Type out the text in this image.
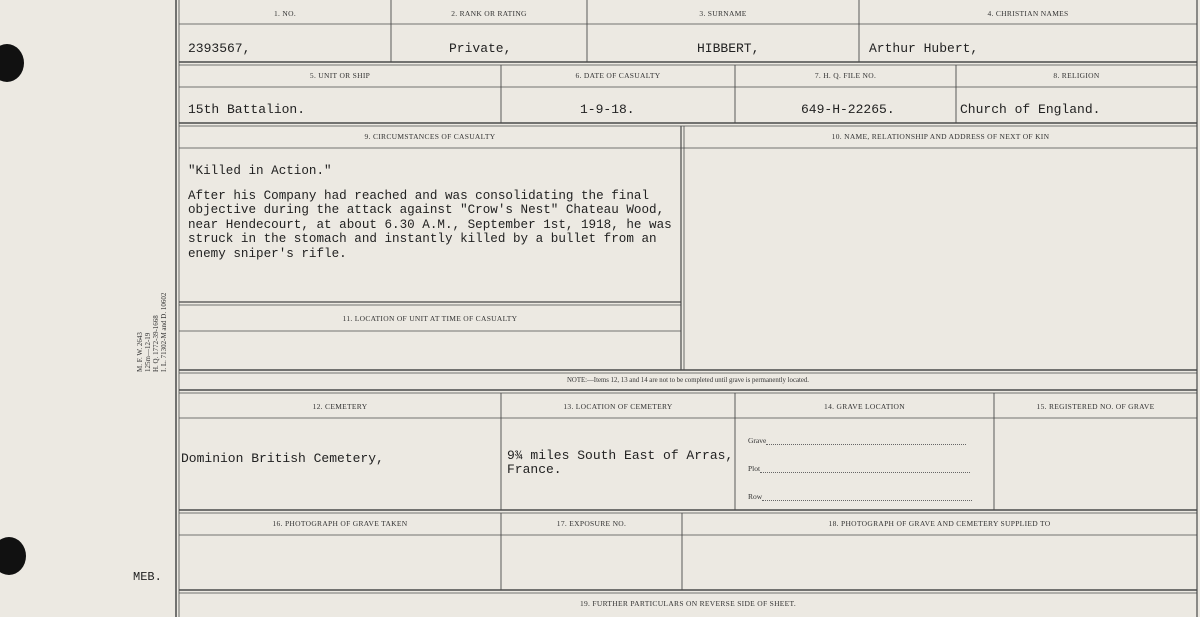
M. F. W. 2643 125m—12-19 H. Q. 1772-39-1668 I. L. 71302-M and D. 10602
MEB.
1. NO.	2. RANK OR RATING	3. SURNAME	4. CHRISTIAN NAMES
2393567,	Private,	HIBBERT,	Arthur Hubert,
5. UNIT OR SHIP	6. DATE OF CASUALTY	7. H. Q. FILE NO.	8. RELIGION
15th Battalion.	1-9-18.	649-H-22265.	Church of England.
9. CIRCUMSTANCES OF CASUALTY	10. NAME, RELATIONSHIP AND ADDRESS OF NEXT OF KIN
"Killed in Action."
After his Company had reached and was consolidating the final
objective during the attack against "Crow's Nest" Chateau Wood,
near Hendecourt, at about 6.30 A.M., September 1st, 1918, he was
struck in the stomach and instantly killed by a bullet from an
enemy sniper's rifle.
11. LOCATION OF UNIT AT TIME OF CASUALTY
NOTE:—Items 12, 13 and 14 are not to be completed until grave is permanently located.
12. CEMETERY	13. LOCATION OF CEMETERY	14. GRAVE LOCATION	15. REGISTERED NO. OF GRAVE
Dominion British Cemetery,	9¾ miles South East of Arras,
France.
Grave
Plot
Row
16. PHOTOGRAPH OF GRAVE TAKEN	17. EXPOSURE NO.	18. PHOTOGRAPH OF GRAVE AND CEMETERY SUPPLIED TO
19. FURTHER PARTICULARS ON REVERSE SIDE OF SHEET.
